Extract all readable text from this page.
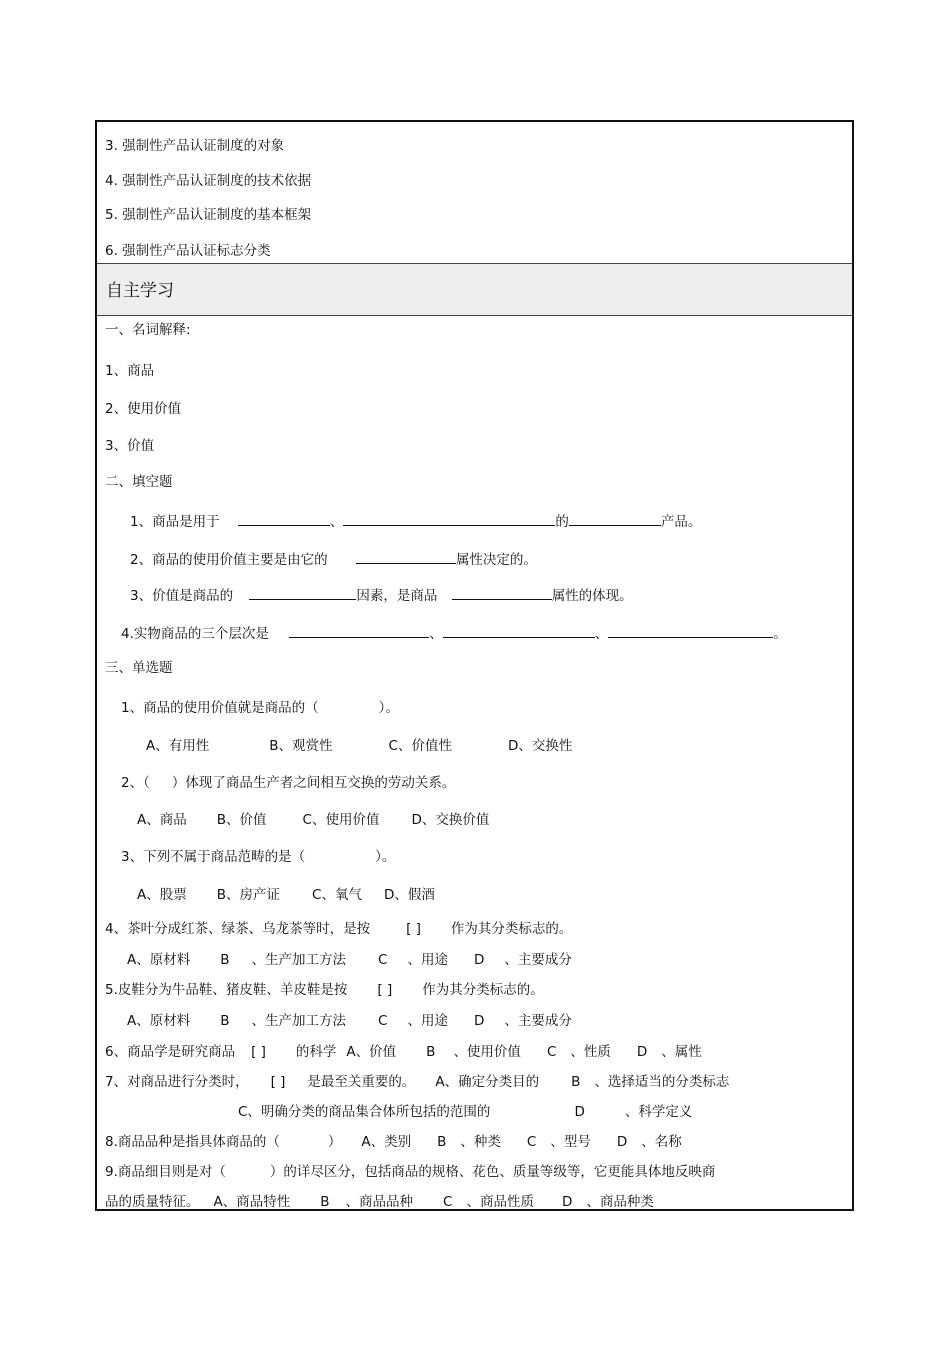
3. 强制性产品认证制度的对象
4. 强制性产品认证制度的技术依据
5. 强制性产品认证制度的基本框架
6. 强制性产品认证标志分类
自主学习
一、名词解释:
1、商品
2、使用价值
3、价值
二、填空题
1、商品是用于	、	的	产品。
2、商品的使用价值主要是由它的	属性决定的。
3、价值是商品的	因素，是商品	属性的体现。
4.实物商品的三个层次是	、	、	。
三、单选题
1、商品的使用价值就是商品的（	）。
A、有用性	B、观赏性	C、价值性	D、交换性
2、（ ）体现了商品生产者之间相互交换的劳动关系。
A、商品 B、价值	C、使用价值 D、交换价值
3、下列不属于商品范畴的是（	）。
A、股票 B、房产证 C、氧气 D、假酒
4、茶叶分成红茶、绿茶、乌龙茶等时，是按	[ ] 作为其分类标志的。
A、原材料 B 、生产加工方法 C 、用途 D 、主要成分
5.皮鞋分为牛品鞋、猪皮鞋、羊皮鞋是按 [ ] 作为其分类标志的。
A、原材料 B 、生产加工方法 C 、用途 D 、主要成分
6、商品学是研究商品 [ ] 的科学 A、价值 B 、使用价值 C 、性质 D 、属性
7、对商品进行分类时， [ ] 是最至关重要的。 A、确定分类目的 B 、选择适当的分类标志
C、明确分类的商品集合体所包括的范围的	D	、科学定义
8.商品品种是指具体商品的（	） A、类别 B 、种类 C 、型号 D 、名称
9.商品细目则是对（	）的详尽区分，包括商品的规格、花色、质量等级等，它更能具体地反映商
品的质量特征。 A、商品特性 B 、商品品种 C 、商品性质 D 、商品种类
